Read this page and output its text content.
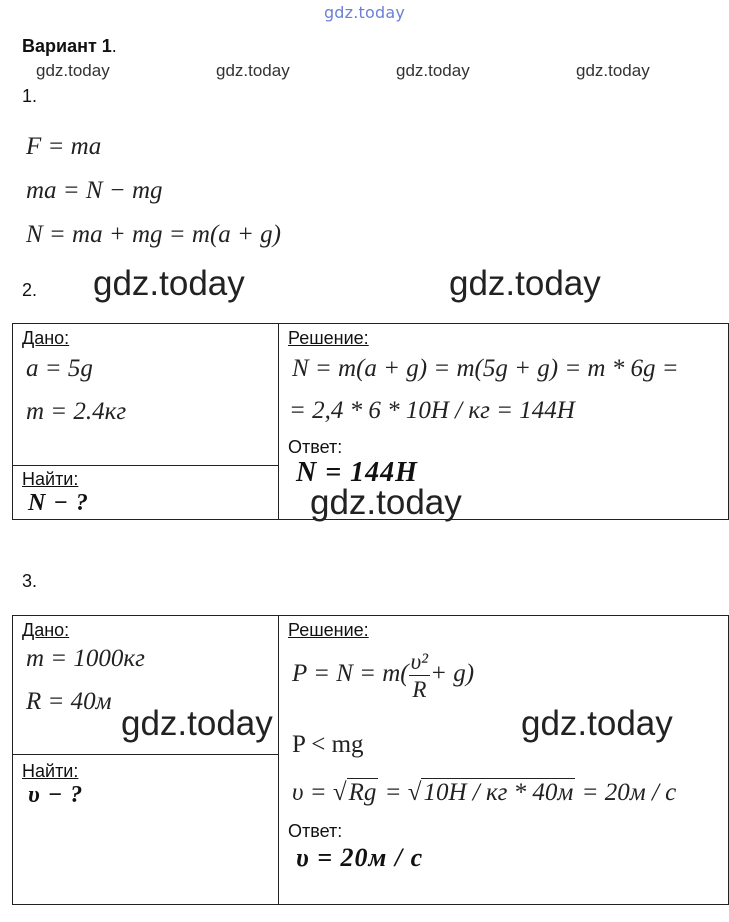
gdz.today
Вариант 1.
gdz.today	gdz.today	gdz.today	gdz.today
1.
F = ma
ma = N − mg
N = ma + mg = m(a + g)
2. gdz.today	gdz.today

Дано:
a = 5g
m = 2.4кг
Найти:
N − ?
Решение:
N = m(a + g) = m(5g + g) = m * 6g =
= 2,4 * 6 * 10H / кг = 144H
Ответ:
N = 144H
gdz.today
3.

Дано:
m = 1000кг
R = 40м
gdz.today
Найти:
υ − ?
Решение:
$P = N = m( \frac{\text{υ²}}{R} + g)$
gdz.today
P < mg
υ = √Rg = √10H / кг * 40м = 20м / с
Ответ:
υ = 20м / с
